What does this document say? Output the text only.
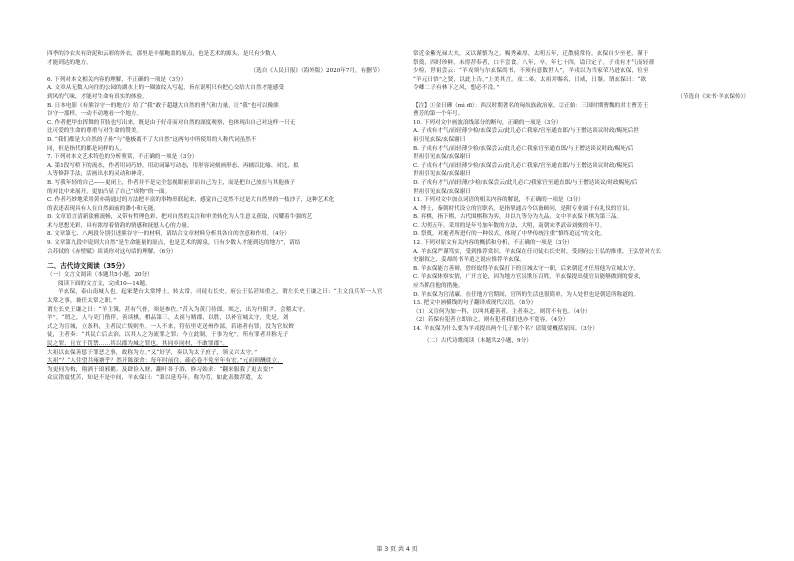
四季的冷衣夹有浒泥和云彩的外衣，那里是丰郁鲍盖的原点，也是艺术的源头，是尺有少数人

才能到达的地方。

（选自《人民日报》（海外版）2020年7月，有删节）

6. 下列对本文相关内容的理解，不正确的一项是（3分）

A. 文章从无数人向往的公园的湖水上的一圈波纹入写起，旨在说明只有把心交给大自然才能感受

到风的气味，才能对生命有真实的体验。

B. 日本电影《有熊谷守一的地方》给了“我”敢于超越大自然的勇气和力量，让“我”也可以像熊

谷守一那样，一动不动地看一个地方。

C. 作者把甲虫挥舞的节肢也写出来，既是由于好奇而对自然的深度观察，也体现出自己对这样一只无

比可爱的生命的尊重与对生命的赞美。

D. “我们都是大自然的子孙”与“他极离不了大自然”这两句中所使用的人称代词虽然不

同，但是指代的都是同样的人。

7. 下列对本文艺术特色的分析鉴赏，不正确的一项是（3分）

A. 第1段写桥下的流水，作者用词巧妙，用动词暴写动态，用形容词刻画形态，再辅以比喻、对比、拟

人等修辞手法，活画出水的灵动和神奇。

B. 写我年轻的自己——更闭上，作者并不是完全忽视眼前景而自己为主，而是把自己放在与其他孩子

的对比中来展开，更加凸显了自己“成物”的一面。

C. 作者巧妙地采用黄亦韵通过的方法把丰富的事物串联起来，感觉自己竟然不过是大自然里的一枝沙子，这种艺术化

的表述表现具有人在自然面前的渺小和无能。

D. 文章语言清新淡雅流畅，又带有哲理色彩，把对自然的关注和审美转化为人生意义获取，闪耀着牛强的艺

术与思想光彩，具有浓厚着情韵的情感和抚慰人心的力量。

8. 文章第七、八两段分别引述熊谷守一的材料，请结合文章材料分析其各自的含意和作用。（4分）

9. 文章第九段中说到大自然“是生命能量的原点，也是艺术的源泉，只有少数人才能到达的地方”，请结

合苏轼的《赤壁赋》谈谈你对这句话的理解。（6分）

二、古代诗文阅读（35分）

（一）文言文阅读（本题共5小题，20分）

阅读下面的文言文，完成10—14题。

羊玄保，泰山南城人也。起家楚台太常博士，转太常，司徒右长史。府公王弘甚知重之，谓左长史王谦之曰：“主文良兵军一人官太常之事，兼任太常之职。”

谓左长史王谦之曰：“羊主簿，甚有气骨，须是参佐。”昔入为黄门侍郎。顷之，出为丹阳尹、会稽太守。

羊”。“谓之，人与吏门偕伴，善谈棋，棋品第三。太祖与赌郡，以胜，以补宣城太守，先是，刘

式之为宣城，立条科，主者民亡叛则坐。一人不来，符伍里吏送州作部，若诸者有罪，没为官奴婢

徒，主者奏：“其民亡后去治，以其人之为流罪之罪；今立此制，于事为允”，所有罪者并称无子

民之罪，且宜于罚禁……其以郡为城之罪也，其同乡同村，不敢罪郡”。

大祖以玄保善惩于罪恶之事，故称为方。”又“好学，奏以为太子庶子，领义兴太守。”

大祖”？“人往望共雍塘乎？然开陈深舍：每年时前往，疏必卷不免至年有宏。”元而则酬徙立，

为更伺为构，翔洒于琅邪鹅。及肆俭入财，翻叶各于浴，修习始求：“翻来服我了更去变!”

众议错震忧苦，知是不是中间，羊玄保曰：“秉以延寿年，称为劳，如此表数荐遣，太

常近金紫光禄大夫，又以谨慎为之，赐秀素厚，太明五年，迁散骑常侍。玄保自少至老，谨于

祭奠，四时珍鲜，未得荐奉者，口不尝食。八年，卒，年七十四，谥曰定子。子戎有才气而轻薄

少检，世祖尝云：“羊戎须与尔玄保尚书，不须有意数世人”，羊戎以为当家荣乃进玄保，位至

“羊元日悟”之贤，以此上告。”上美其言。戎二弟，太祖并赐名，日咸，日粲。谓玄保曰：“欲

令卿二子有林下之风，想必不没。”

（节选自《宋书·羊玄保传》）

【注】①金日磾（mì dī）：西汉时期著名的匈奴族政治家。②正始：三国时期曹魏的君主曹芳王

曹芳的第一个年号。

10. 下列对文中画波浪线部分的断句，正确的一项是（3分）

A. 子戎有才气/而轻薄少检/玄保尝云/此儿必亡我家/官至通直郎/与王僧达谈议时政/赐死后世

祖引见玄保/玄保谢曰

B. 子戎有才气/而轻薄少检/玄保尝云/此儿必亡我家官至通直郎/与王僧达谈议时政/赐死/后

世祖引见玄保/玄保谢曰

C. 子戎有才气/而轻薄少检/玄保尝云/此儿必亡我家/官至通直郎/与王僧达谈议时政/赐死后

世祖引见玄保/玄保谢曰

D. 子戎有才气/而轻薄/少检/玄保尝云/此儿必亡/我家官至通直郎/与王僧达谈议/时政赐死/后

世祖引见玄保/玄保谢曰

11. 下列对文中加点词语的相关内容的解说，不正确的一项是（3分）

A. 博士，秦朝时代设立的官职名，是指掌通古今以备顾问，是附专业属于有礼仪的官员。

B. 弈棋，指下棋，古代围棋称为弈，并以九等分为九品，文中羊玄保下棋为第三品。

C. 大明五年，采用的是年号加年数的方法，大明，南朝宋孝武帝刘骏的年号。

D. 祭奠，对逝者所进行的一种仪式，体现了中华传统注重“慎终追远”的文化。

12. 下列对原文有关内容的概括和分析，不正确的一项是（3分）

A. 羊玄保严谨笃实，受到推荐赏识。羊玄保在任司徒右长史时，受到府公王弘的推重，王弘曾对左长

史谢叙之、姜却尚书羊逍之说应推荐羊玄保。

B. 羊玄保能言善辩，曾经取得羊玄保打下的宣城太守一职，后来朝廷才任用他为宣城太守。

C. 羊玄保体察实情，广开言论，因为地方官员欺压百姓，羊玄保提出使官员能够做到的要求，

应当抓住他的措施。

D. 羊玄保为官清廉，在任地方官期间，官所的生活也很简单，为人处世也是朝廷所称道的。

13. 把文中画横线的句子翻译成现代汉语。（8分）

（1）又宣何为加一科，以叫其避善者，主者奏之，则罚不有也。（4分）

（2）若保有犯者立即治之，则有犯者我们也亦不宽容。（4分）

14. 羊玄保为什么要为羊戎提出两个儿子那个名？请简要概括原因。（3分）

（二）古代诗歌阅读（本题共2小题，9分）

第 3 页 共 4 页
